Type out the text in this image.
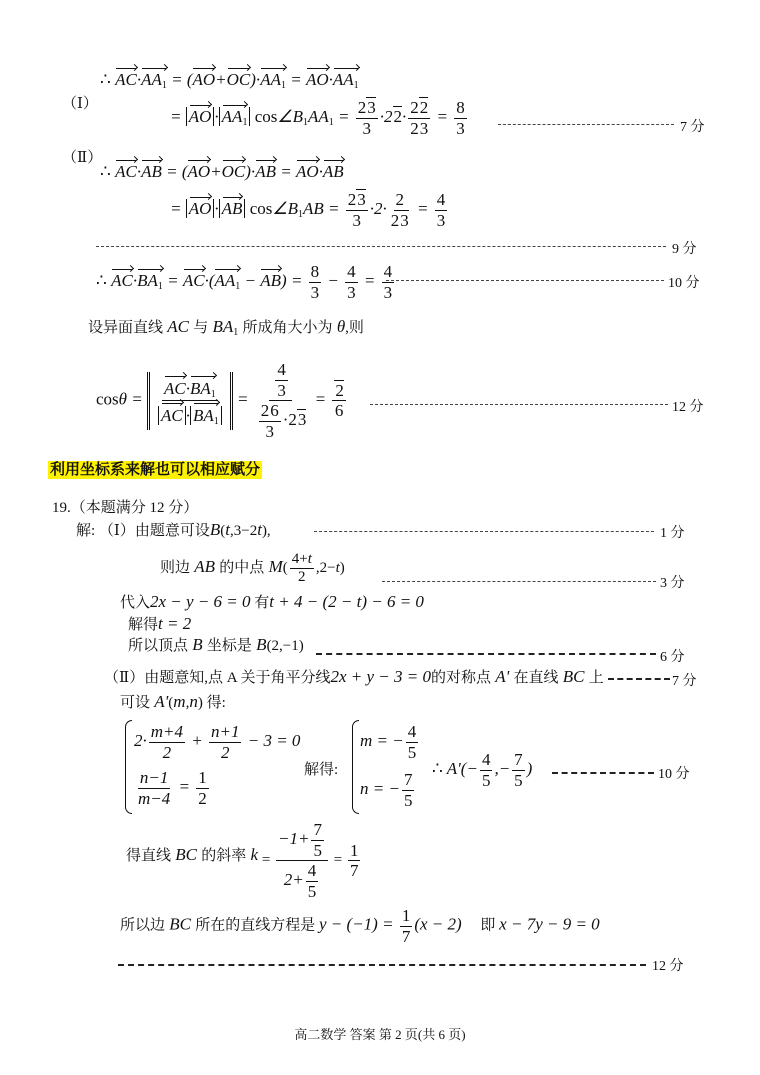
∴ $AC\cdot AA_1 = (AO+OC)\cdot AA_1 = AO\cdot AA_1$
（Ⅰ）
= AO · $AA_1$ $\cos\angle B_1AA_1 = \frac{23}{3} \cdot 22\cdot \frac{22}{23} = \frac{8}{3}$	7 分
（Ⅱ）
∴ AC·AB = (AO+OC)·AB = AO·AB
= AO · AB $\cos\angle B_1AB = \frac{23}{3} \cdot 2\cdot \frac{2}{23} = \frac{4}{3}$
9 分
∴ $AC\cdot BA_1 = AC\cdot(AA_1 - AB) = \frac{8}{3} - \frac{4}{3} = \frac{4}{3}$	10 分
设异面直线 AC 与 $BA_1$ 所成角大小为 θ,则
$\cos\theta = \frac{AC\cdot BA_1}{AC \cdot BA_1} = \frac{\frac{4}{3}}{\frac{26}{3} \cdot 23} = \frac{2}{6}$	12 分
利用坐标系来解也可以相应赋分
19.（本题满分 12 分）
解: （Ⅰ）由题意可设B(t,3−2t),	1 分
则边 AB 的中点 $M( \frac{4+t}{2} ,2-t)$
3 分
代入2x − y − 6 = 0 有t + 4 − (2 − t) − 6 = 0
解得t = 2
所以顶点 B 坐标是 B(2,−1)
6 分
（Ⅱ）由题意知,点 A 关于角平分线2x + y − 3 = 0的对称点 A' 在直线 BC 上	7 分
可设 A'(m,n) 得:
$2\cdot \frac{m+4}{2} + \frac{n+1}{2} - 3 = 0$
$\frac{n-1}{m-4} = \frac{1}{2}$	解得:
m = − $\frac{4}{5}$
n = − $\frac{7}{5}$
∴ $A'(- \frac{4}{5}$ ,− $\frac{7}{5}$ )	10 分
得直线 BC 的斜率 $k = \frac{-1+ \frac{7}{5}}{2+ \frac{4}{5}} = \frac{1}{7}$
所以边 BC 所在的直线方程是 $y - (-1) = \frac{1}{7} (x - 2)$ 即 x − 7y − 9 = 0
12 分
高二数学 答案 第 2 页(共 6 页)
